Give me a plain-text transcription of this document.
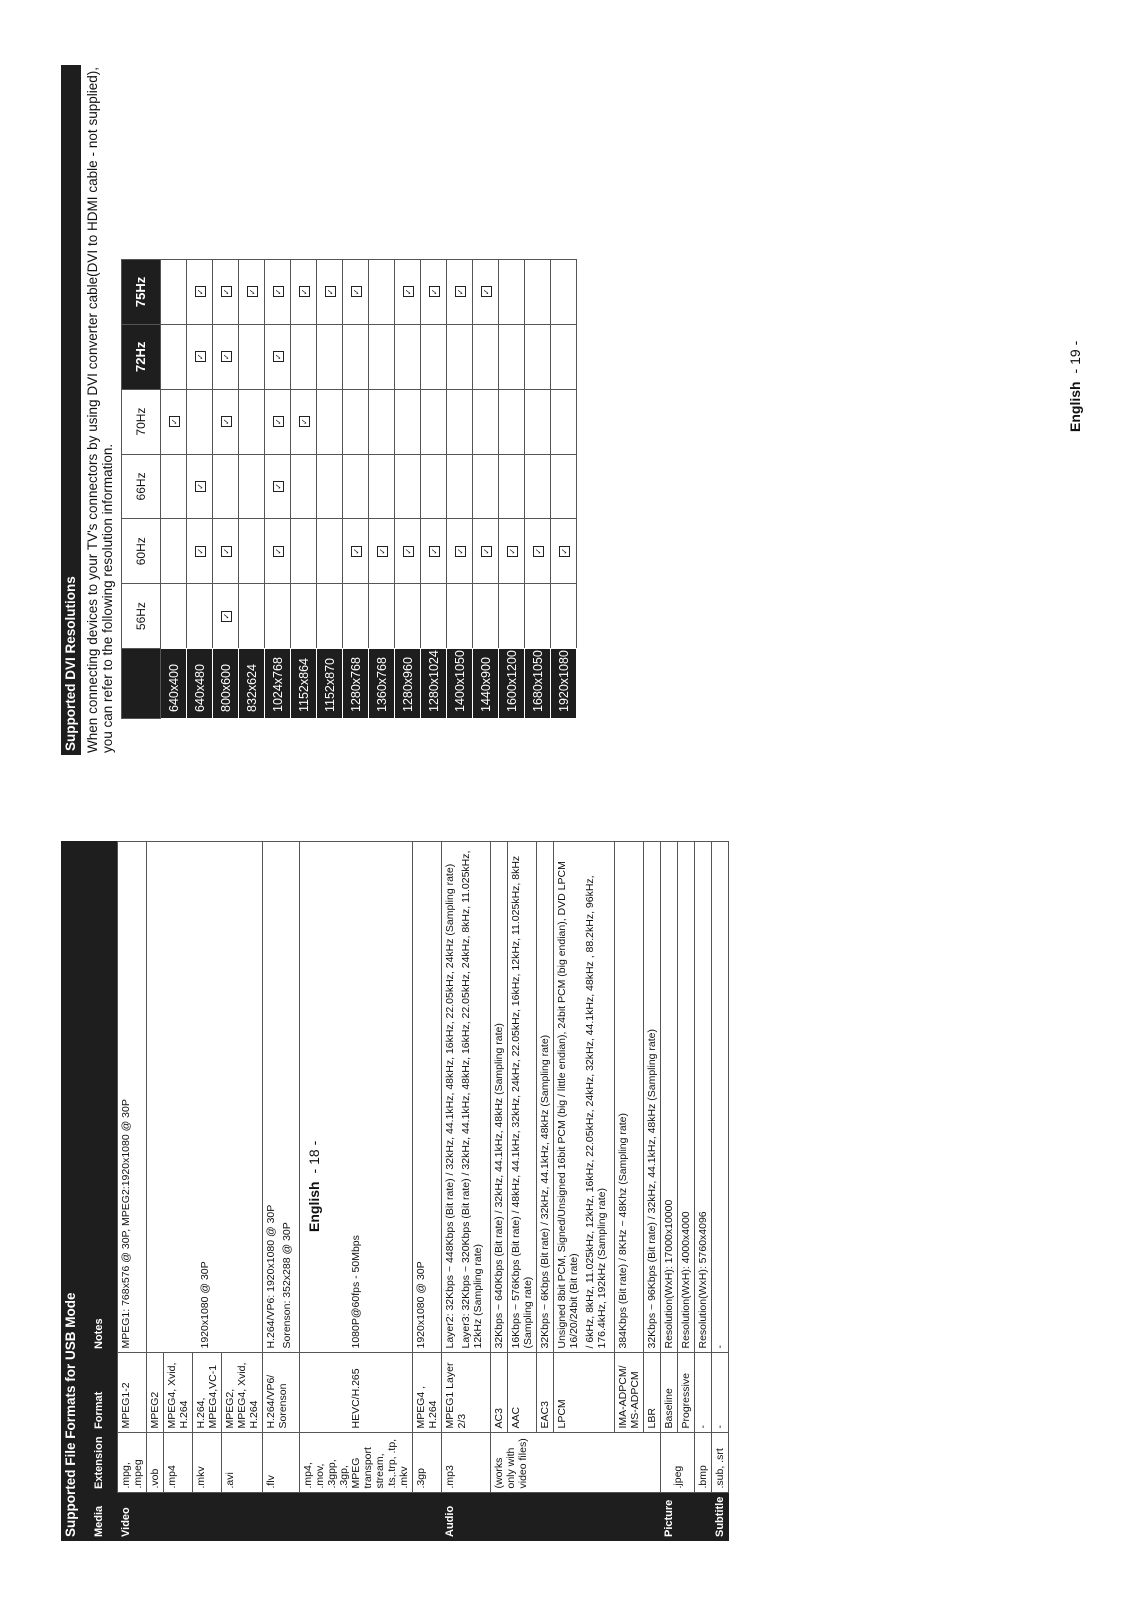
Supported File Formats for USB Mode Media	Extension	Format	Notes
Video	.mpg, .mpeg	MPEG1-2	MPEG1: 768x576 @ 30P, MPEG2:1920x1080 @ 30P
	.vob	MPEG2	1920x1080 @ 30P
	.mp4	MPEG4, Xvid, H.264	
	.mkv	H.264, MPEG4,VC-1	
	.avi	MPEG2, MPEG4, Xvid, H.264	
	.flv	H.264/VP6/ Sorenson	H.264/VP6: 1920x1080 @ 30P Sorenson: 352x288 @ 30P

	.mp4, .mov, .3gpp, .3gp, MPEG transport stream, .ts,.trp, .tp, .mkv	HEVC/H.265	1080P@60fps - 50Mbps
	.3gp	MPEG4 , H.264	1920x1080 @ 30P
Audio	.mp3	MPEG1 Layer 2/3	Layer2: 32Kbps ~ 448Kbps (Bit rate) / 32kHz, 44.1kHz, 48kHz, 16kHz, 22.05kHz, 24kHz (Sampling rate) Layer3: 32Kbps ~ 320Kbps (Bit rate) / 32kHz, 44.1kHz, 48kHz, 16kHz, 22.05kHz, 24kHz, 8kHz, 11.025kHz, 12kHz (Sampling rate)

	(works only with video files)	AC3	32Kbps ~ 640Kbps (Bit rate) / 32kHz, 44.1kHz, 48kHz (Sampling rate)
		AAC	16Kbps ~ 576Kbps (Bit rate) / 48kHz, 44.1kHz, 32kHz, 24kHz, 22.05kHz, 16kHz, 12kHz, 11.025kHz, 8kHz (Sampling rate)
		EAC3	32Kbps ~ 6Kbps (Bit rate) / 32kHz, 44.1kHz, 48kHz (Sampling rate)
		LPCM	Unsigned 8bit PCM, Signed/Unsigned 16bit PCM (big / little endian), 24bit PCM (big endian), DVD LPCM 16/20/24bit (Bit rate) / 6kHz, 8kHz, 11.025kHz, 12kHz, 16kHz, 22.05kHz, 24kHz, 32kHz, 44.1kHz, 48kHz , 88.2kHz, 96kHz, 176.4kHz, 192kHz (Sampling rate)

		IMA-ADPCM/ MS-ADPCM	384Kbps (Bit rate) / 8KHz ~ 48Khz (Sampling rate)
		LBR	32Kbps ~ 96Kbps (Bit rate) / 32kHz, 44.1kHz, 48kHz (Sampling rate)
Picture	.jpeg	Baseline	Resolution(WxH): 17000x10000
		Progressive	Resolution(WxH): 4000x4000
	.bmp	-	Resolution(WxH): 5760x4096
Subtitle	.sub, .srt	-	-
Supported DVI Resolutions When connecting devices to your TV's connectors by using DVI converter cable(DVI to HDMI cable - not supplied), you can refer to the following resolution information.
	56Hz	60Hz	66Hz	70Hz	72Hz	75Hz
640x400				✓		
640x480		✓	✓		✓	✓
800x600	✓	✓		✓	✓	✓
832x624						✓
1024x768		✓	✓	✓	✓	✓
1152x864				✓		✓
1152x870						✓
1280x768		✓				✓
1360x768		✓				
1280x960		✓				✓
1280x1024		✓				✓
1400x1050		✓				✓
1440x900		✓				✓
1600x1200		✓				
1680x1050		✓				
1920x1080		✓				
English- 18 -
English- 19 -
